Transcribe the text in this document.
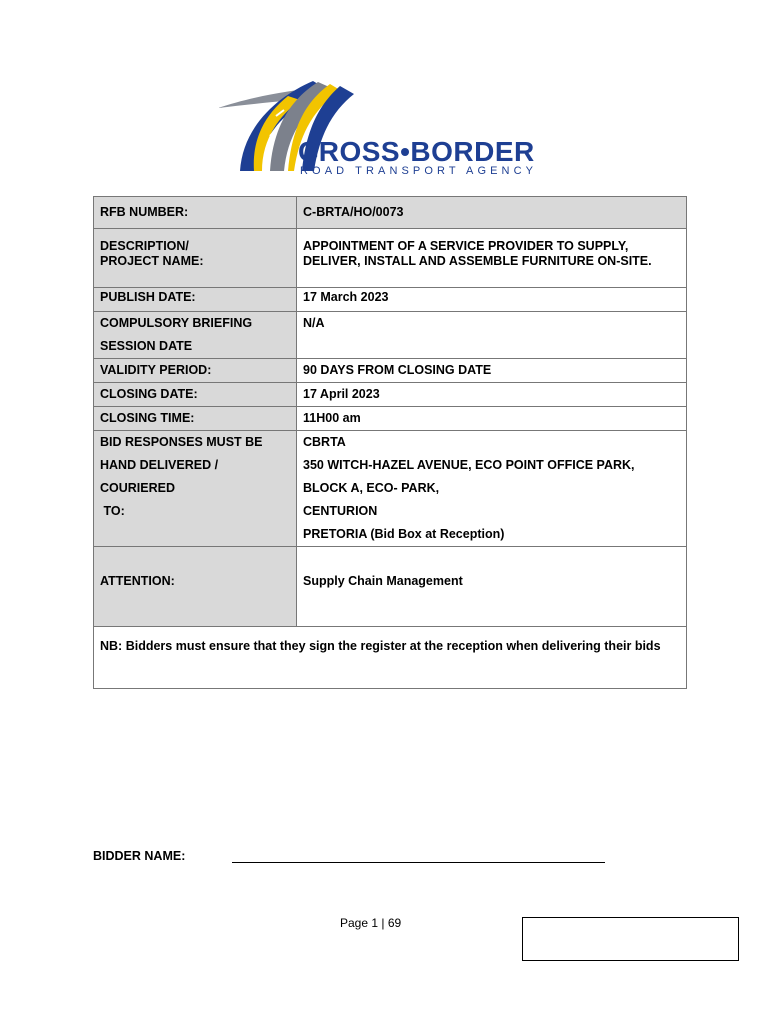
CROSS•BORDER
ROAD TRANSPORT AGENCY
RFB NUMBER:	C-BRTA/HO/0073
DESCRIPTION/
PROJECT NAME:	APPOINTMENT OF A SERVICE PROVIDER TO SUPPLY, DELIVER, INSTALL AND ASSEMBLE FURNITURE ON-SITE.
PUBLISH DATE:	17 March 2023

COMPULSORY BRIEFING
SESSION DATE	N/A

VALIDITY PERIOD:	90 DAYS FROM CLOSING DATE
CLOSING DATE:	17 April 2023
CLOSING TIME:	11H00 am

BID RESPONSES MUST BE
HAND DELIVERED /
COURIERED
TO:	CBRTA
350 WITCH-HAZEL AVENUE, ECO POINT OFFICE PARK,
BLOCK A, ECO- PARK,
CENTURION
PRETORIA (Bid Box at Reception)

ATTENTION:	Supply Chain Management
NB: Bidders must ensure that they sign the register at the reception when delivering their bids	
BIDDER NAME:
Page 1 | 69
